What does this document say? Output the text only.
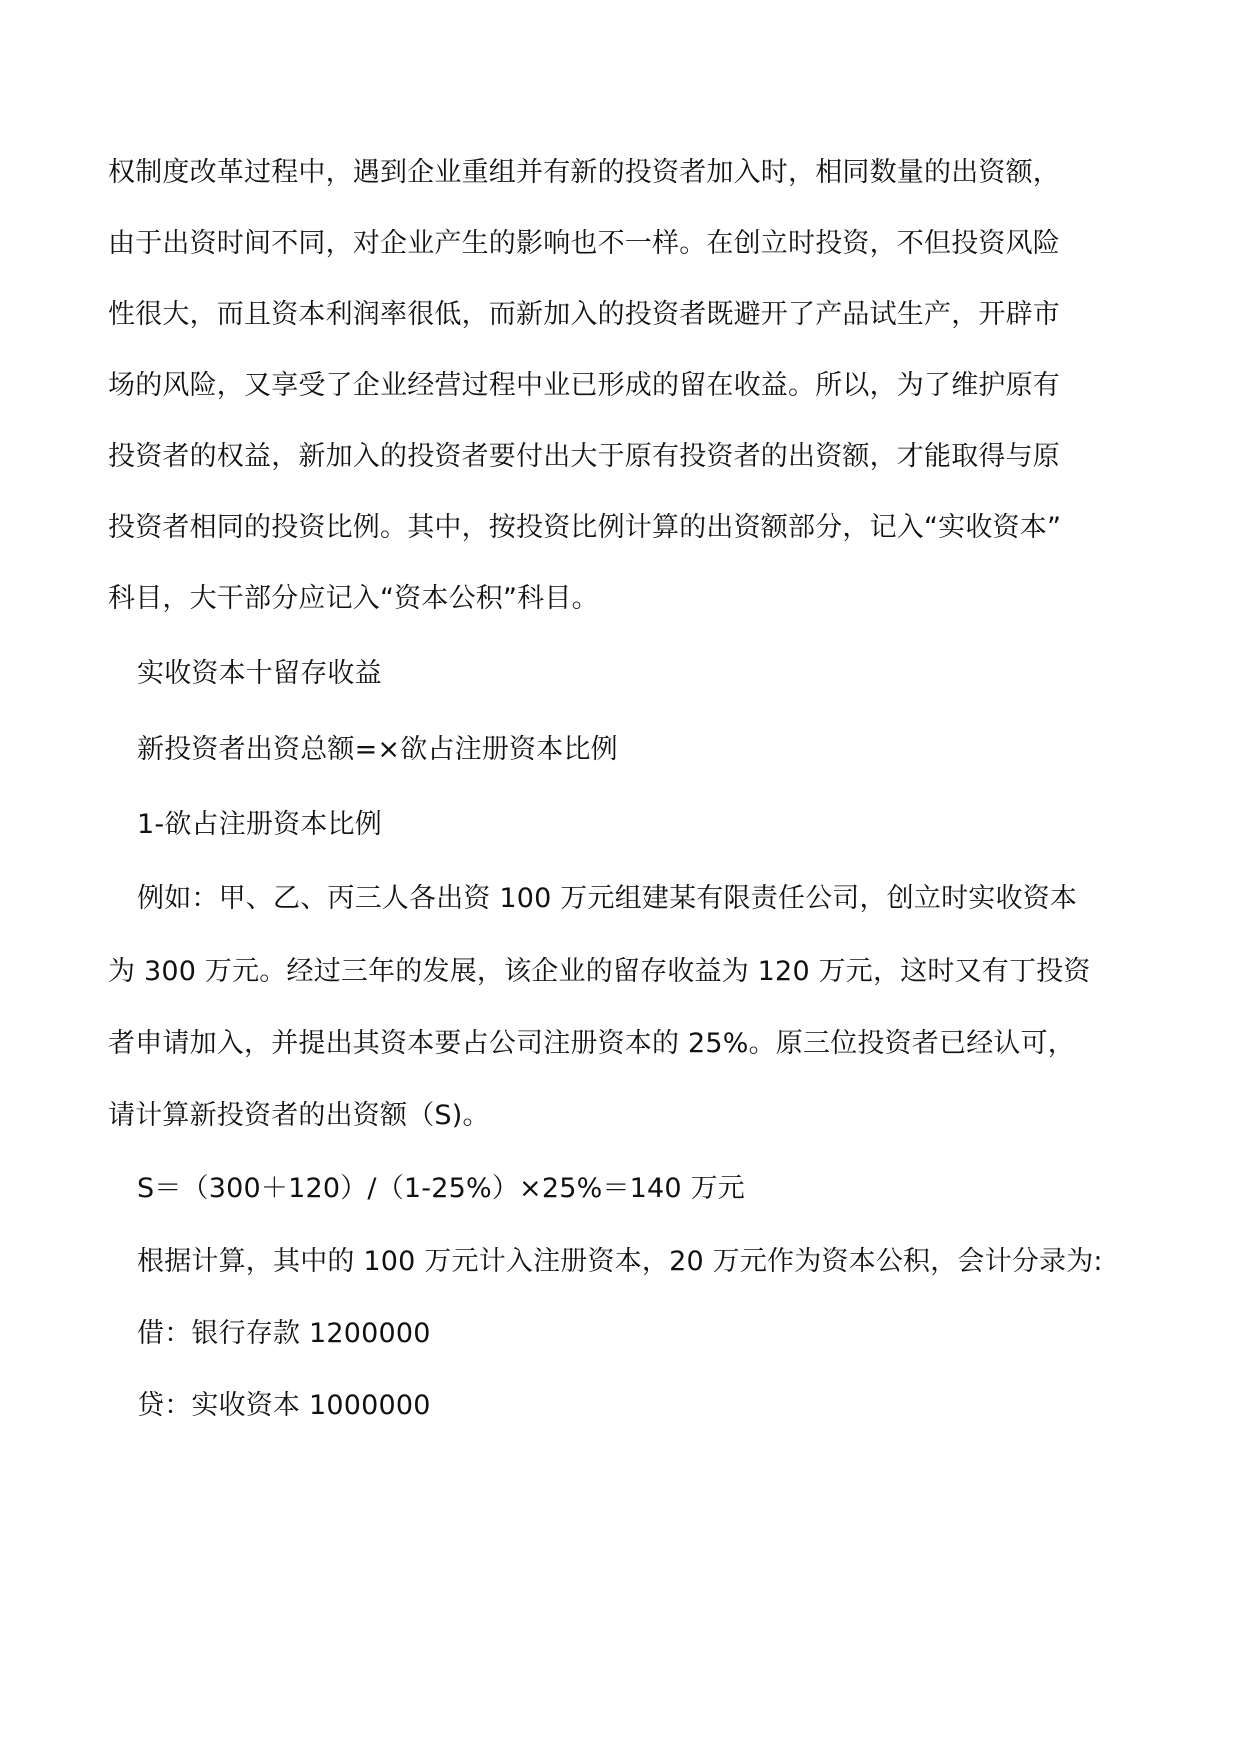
权制度改革过程中，遇到企业重组并有新的投资者加入时，相同数量的出资额，
由于出资时间不同，对企业产生的影响也不一样。在创立时投资，不但投资风险
性很大，而且资本利润率很低，而新加入的投资者既避开了产品试生产，开辟市
场的风险，又享受了企业经营过程中业已形成的留在收益。所以，为了维护原有
投资者的权益，新加入的投资者要付出大于原有投资者的出资额，才能取得与原
投资者相同的投资比例。其中，按投资比例计算的出资额部分，记入“实收资本”
科目，大干部分应记入“资本公积”科目。
实收资本十留存收益
新投资者出资总额=×欲占注册资本比例
1-欲占注册资本比例
例如：甲、乙、丙三人各出资 100 万元组建某有限责任公司，创立时实收资本
为 300 万元。经过三年的发展，该企业的留存收益为 120 万元，这时又有丁投资
者申请加入，并提出其资本要占公司注册资本的 25%。原三位投资者已经认可，
请计算新投资者的出资额（S)。
S＝（300＋120）/（1-25%）×25%＝140 万元
根据计算，其中的 100 万元计入注册资本，20 万元作为资本公积，会计分录为:
借：银行存款 1200000
贷：实收资本 1000000
